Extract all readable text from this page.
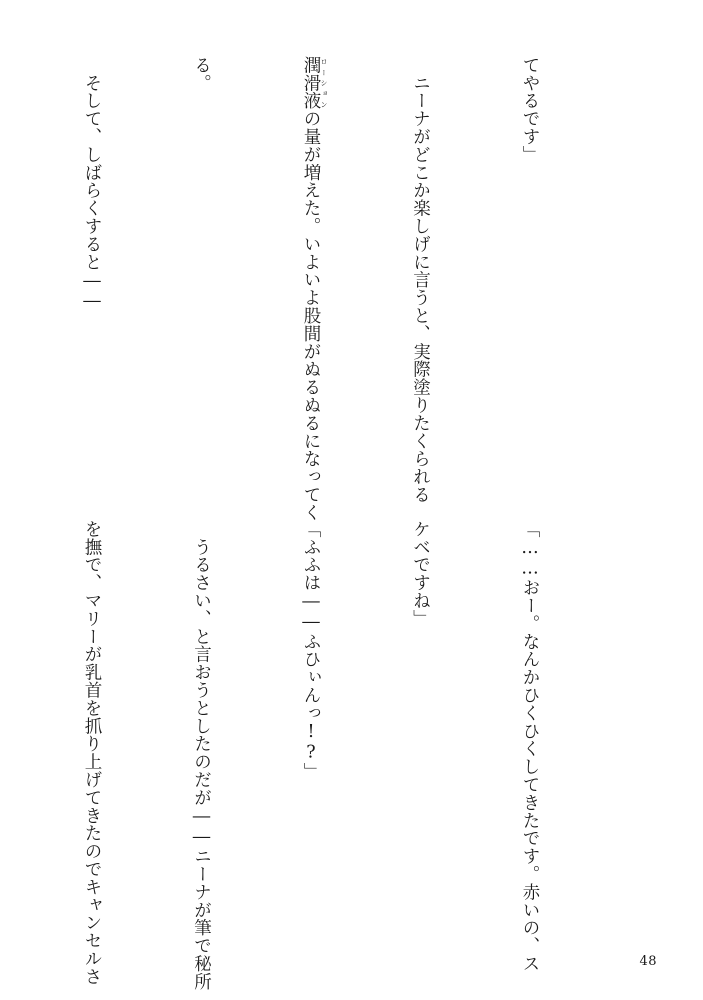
てやるです」

　ニーナがどこか楽しげに言うと、実際塗りたくられる

潤滑液 ローションの量が増えた。いよいよ股間がぬるぬるになってく

る。

　そして、しばらくすると――

「……おー。なんかひくひくしてきたです。赤いの、ス

ケベですね」

「ふふは――ふひぃんっ!?」

　うるさい、と言おうとしたのだが――ニーナが筆で秘所

を撫で、マリーが乳首を抓り上げてきたのでキャンセルさ

	48
